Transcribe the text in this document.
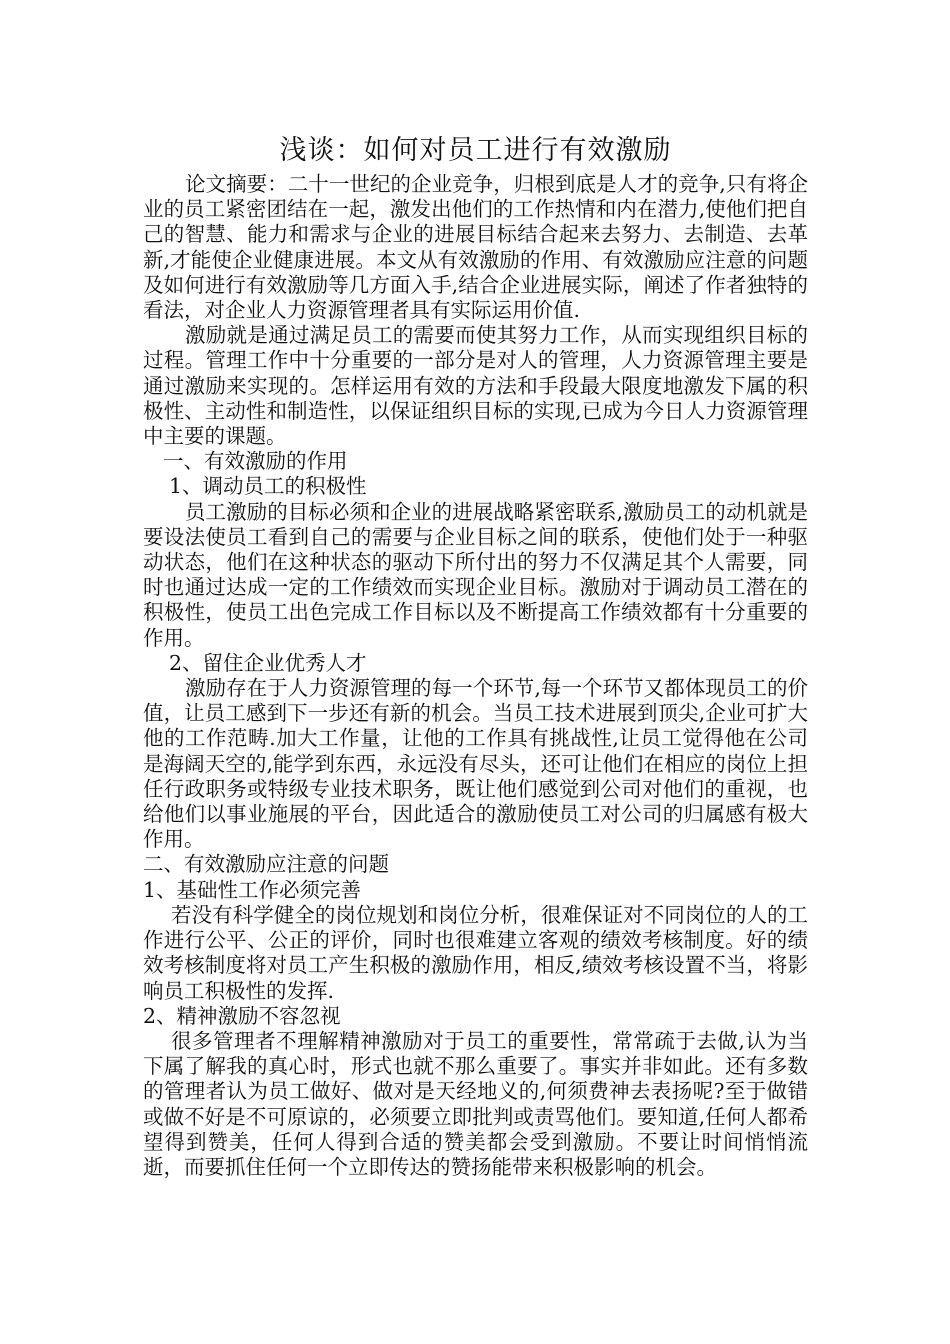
浅谈：如何对员工进行有效激励

论文摘要：二十一世纪的企业竞争，归根到底是人才的竞争,只有将企业的员工紧密团结在一起，激发出他们的工作热情和内在潜力,使他们把自己的智慧、能力和需求与企业的进展目标结合起来去努力、去制造、去革新,才能使企业健康进展。本文从有效激励的作用、有效激励应注意的问题及如何进行有效激励等几方面入手,结合企业进展实际，阐述了作者独特的看法，对企业人力资源管理者具有实际运用价值.

激励就是通过满足员工的需要而使其努力工作，从而实现组织目标的过程。管理工作中十分重要的一部分是对人的管理，人力资源管理主要是通过激励来实现的。怎样运用有效的方法和手段最大限度地激发下属的积极性、主动性和制造性，以保证组织目标的实现,已成为今日人力资源管理中主要的课题。

一、有效激励的作用

1、调动员工的积极性

员工激励的目标必须和企业的进展战略紧密联系,激励员工的动机就是要设法使员工看到自己的需要与企业目标之间的联系，使他们处于一种驱动状态，他们在这种状态的驱动下所付出的努力不仅满足其个人需要，同时也通过达成一定的工作绩效而实现企业目标。激励对于调动员工潜在的积极性，使员工出色完成工作目标以及不断提高工作绩效都有十分重要的作用。

2、留住企业优秀人才

激励存在于人力资源管理的每一个环节,每一个环节又都体现员工的价值，让员工感到下一步还有新的机会。当员工技术进展到顶尖,企业可扩大他的工作范畴.加大工作量，让他的工作具有挑战性,让员工觉得他在公司是海阔天空的,能学到东西，永远没有尽头，还可让他们在相应的岗位上担任行政职务或特级专业技术职务，既让他们感觉到公司对他们的重视，也给他们以事业施展的平台，因此适合的激励使员工对公司的归属感有极大作用。

二、有效激励应注意的问题

1、基础性工作必须完善

若没有科学健全的岗位规划和岗位分析，很难保证对不同岗位的人的工作进行公平、公正的评价，同时也很难建立客观的绩效考核制度。好的绩效考核制度将对员工产生积极的激励作用，相反,绩效考核设置不当，将影响员工积极性的发挥.

2、精神激励不容忽视

很多管理者不理解精神激励对于员工的重要性，常常疏于去做,认为当下属了解我的真心时，形式也就不那么重要了。事实并非如此。还有多数的管理者认为员工做好、做对是天经地义的,何须费神去表扬呢?至于做错或做不好是不可原谅的，必须要立即批判或责骂他们。要知道,任何人都希望得到赞美，任何人得到合适的赞美都会受到激励。不要让时间悄悄流逝，而要抓住任何一个立即传达的赞扬能带来积极影响的机会。
